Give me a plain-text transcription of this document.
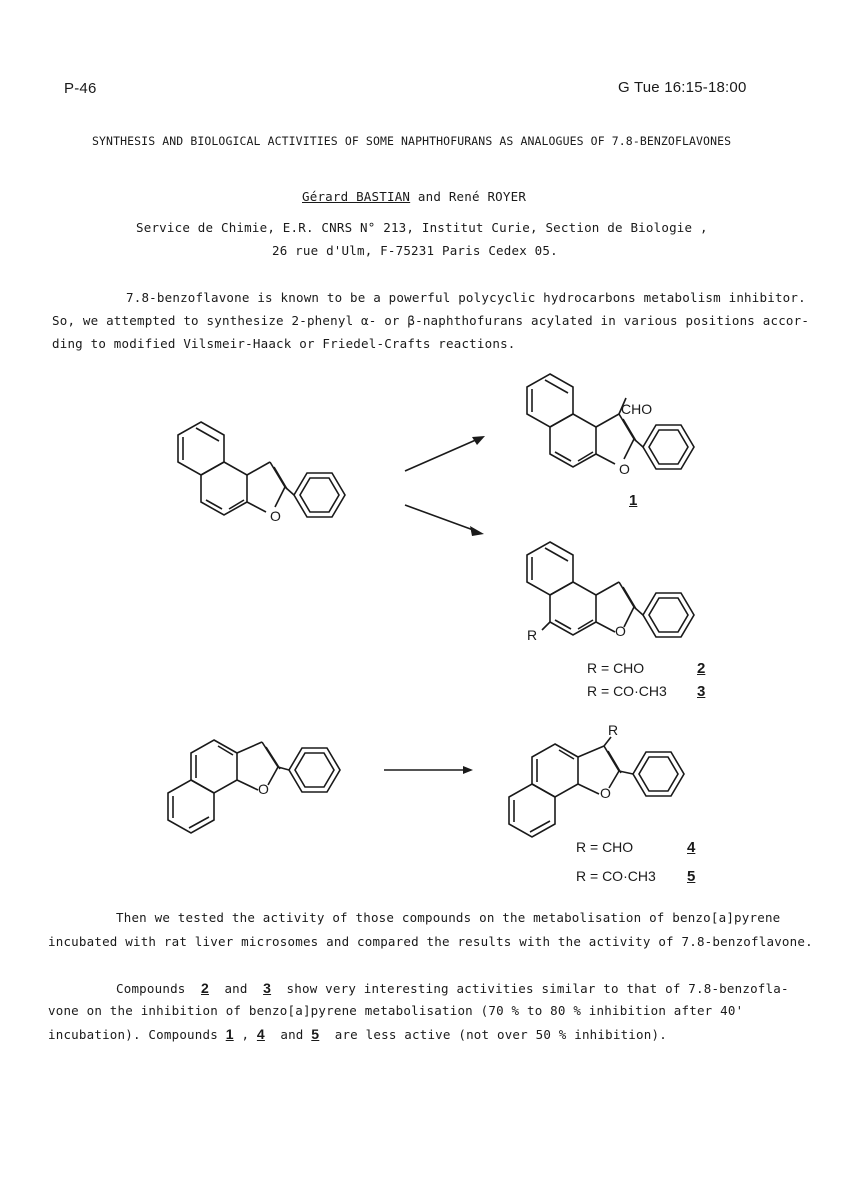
P-46	G Tue 16:15-18:00
SYNTHESIS AND BIOLOGICAL ACTIVITIES OF SOME NAPHTHOFURANS AS ANALOGUES OF 7.8-BENZOFLAVONES
Gérard BASTIAN and René ROYER
Service de Chimie, E.R. CNRS N° 213, Institut Curie, Section de Biologie ,
26 rue d'Ulm, F-75231 Paris Cedex 05.
7.8-benzoflavone is known to be a powerful polycyclic hydrocarbons metabolism inhibitor.
So, we attempted to synthesize 2-phenyl α- or β-naphthofurans acylated in various positions accor-
ding to modified Vilsmeir-Haack or Friedel-Crafts reactions.
O
CHO
O
R	O
O
R
O
1
R = CHO	2
R = CO·CH3 3
R = CHO	4
R = CO·CH3 5
Then we tested the activity of those compounds on the metabolisation of benzo[a]pyrene
incubated with rat liver microsomes and compared the results with the activity of 7.8-benzoflavone.
Compounds 2 and 3 show very interesting activities similar to that of 7.8-benzofla-
vone on the inhibition of benzo[a]pyrene metabolisation (70 % to 80 % inhibition after 40'
incubation). Compounds 1 , 4 and 5 are less active (not over 50 % inhibition).
